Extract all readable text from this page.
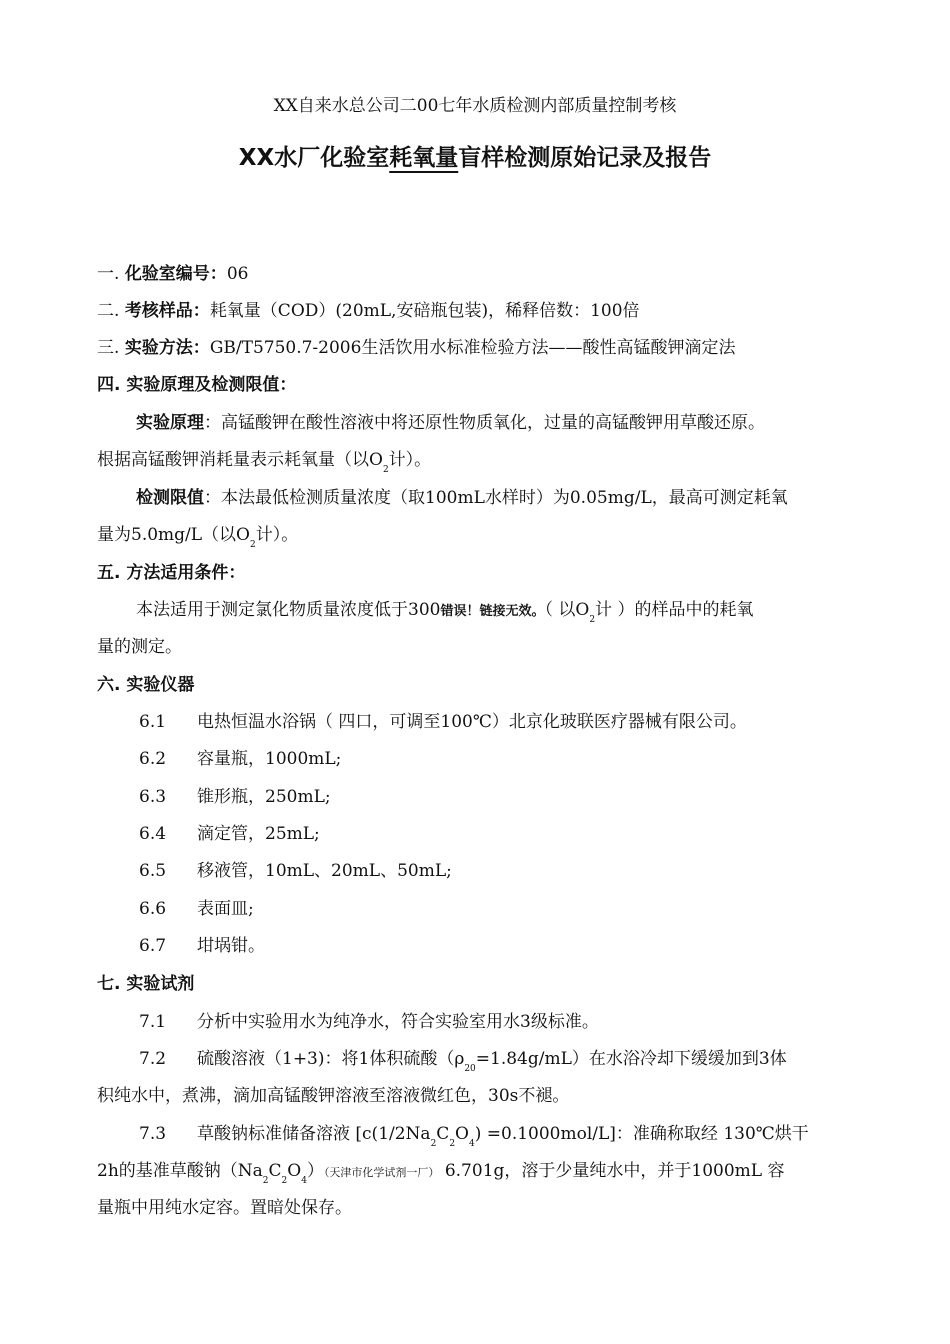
XX自来水总公司二00七年水质检测内部质量控制考核
XX水厂化验室耗氧量盲样检测原始记录及报告
一. 化验室编号：06
二. 考核样品：耗氧量（COD）(20mL,安碚瓶包装)，稀释倍数：100倍
三. 实验方法：GB/T5750.7-2006生活饮用水标准检验方法——酸性高锰酸钾滴定法
四. 实验原理及检测限值：
实验原理：高锰酸钾在酸性溶液中将还原性物质氧化，过量的高锰酸钾用草酸还原。
根据高锰酸钾消耗量表示耗氧量（以$O_2$计）。
检测限值：本法最低检测质量浓度（取100mL水样时）为0.05mg/L，最高可测定耗氧
量为5.0mg/L（以$O_2$计）。
五. 方法适用条件：
本法适用于测定氯化物质量浓度低于300错误！链接无效。（ 以$O_2$计 ）的样品中的耗氧
量的测定。
六. 实验仪器
6.1 电热恒温水浴锅（ 四口，可调至100℃）北京化玻联医疗器械有限公司。
6.2 容量瓶，1000mL;
6.3 锥形瓶，250mL;
6.4 滴定管，25mL;
6.5 移液管，10mL、20mL、50mL;
6.6 表面皿;
6.7 坩埚钳。
七. 实验试剂
7.1 分析中实验用水为纯净水，符合实验室用水3级标准。
7.2 硫酸溶液（1+3)：将1体积硫酸$(\rho_{20}=1.84g/mL)$在水浴冷却下缓缓加到3体
积纯水中，煮沸，滴加高锰酸钾溶液至溶液微红色，30s不褪。
7.3 草酸钠标准储备溶液 $[c(1/2Na_2C_2O_4) =0.1000mol/L]$：准确称取经 130℃烘干
2h的基准草酸钠$(Na_2C_2O_4)$（天津市化学试剂一厂） 6.701g，溶于少量纯水中，并于1000mL 容
量瓶中用纯水定容。置暗处保存。
